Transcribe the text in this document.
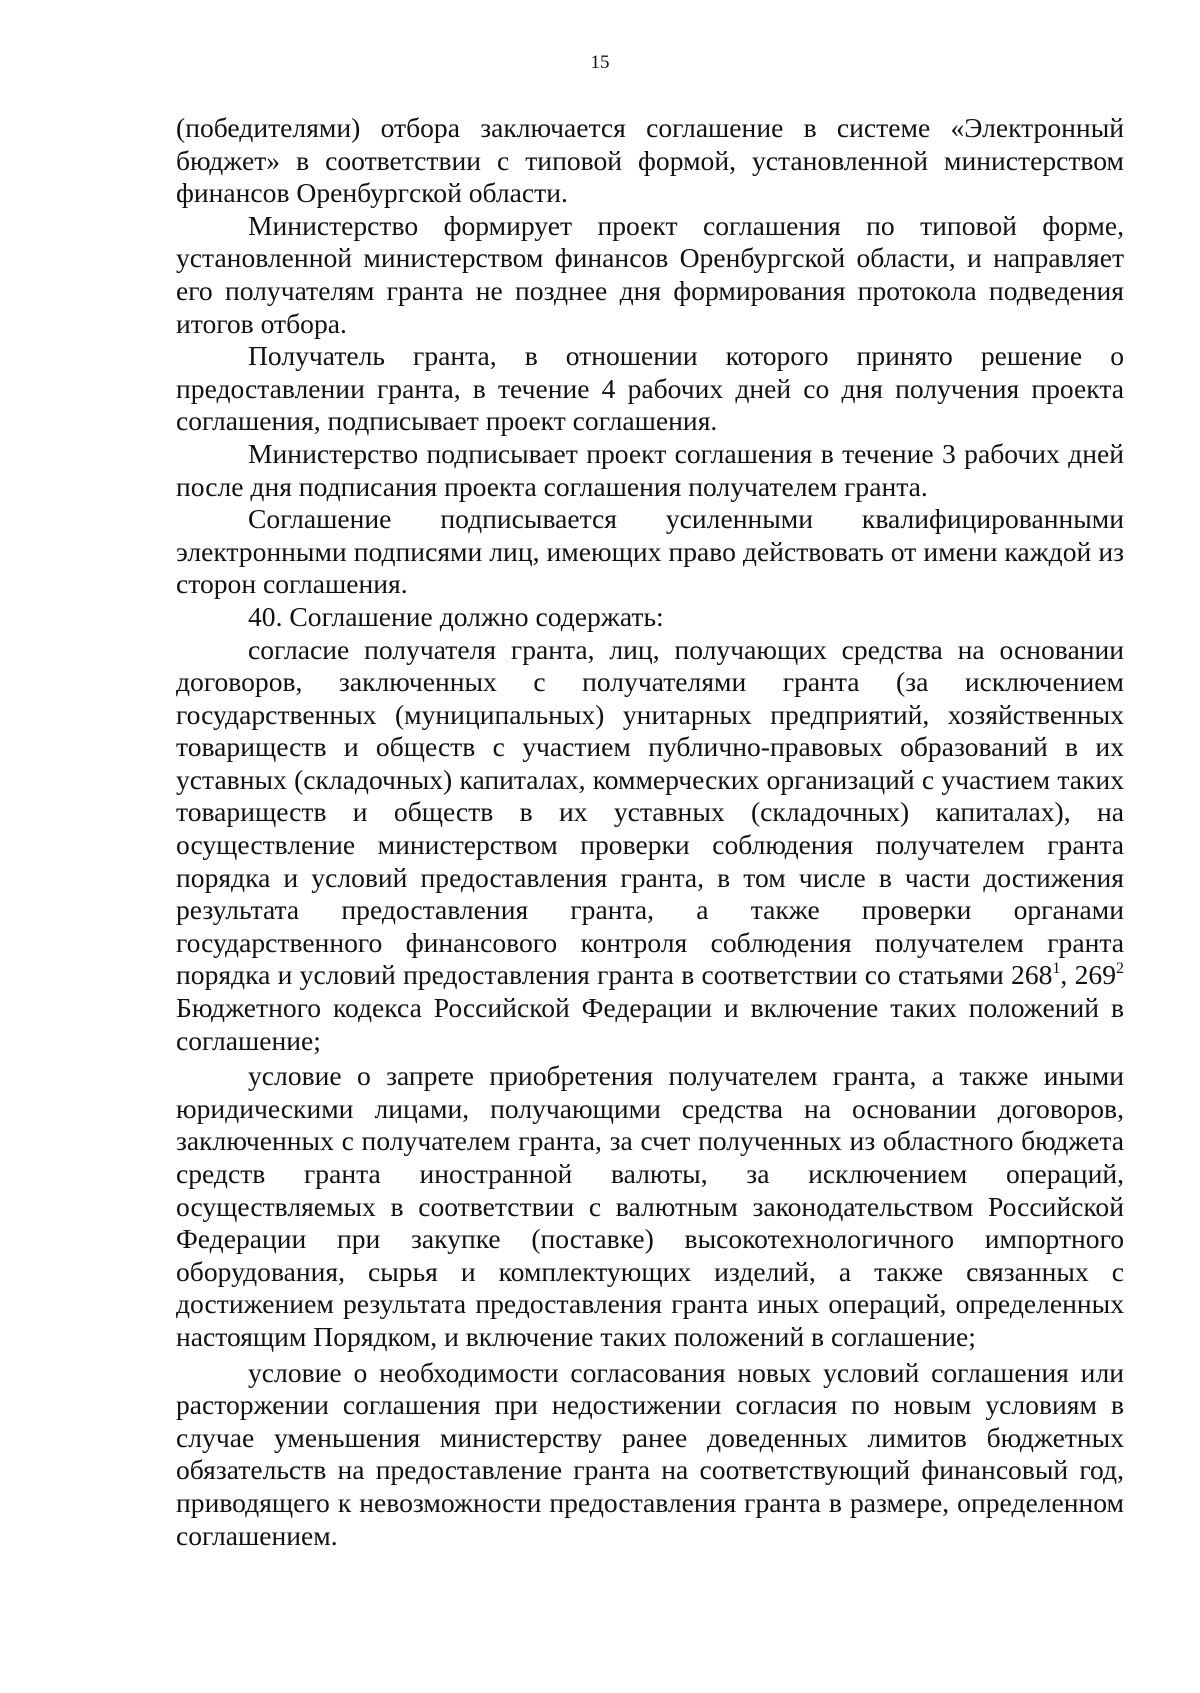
15

(победителями) отбора заключается соглашение в системе «Электронный бюджет» в соответствии с типовой формой, установленной министерством финансов Оренбургской области.

Министерство формирует проект соглашения по типовой форме, установленной министерством финансов Оренбургской области, и направляет его получателям гранта не позднее дня формирования протокола подведения итогов отбора.

Получатель гранта, в отношении которого принято решение о предоставлении гранта, в течение 4 рабочих дней со дня получения проекта соглашения, подписывает проект соглашения.

Министерство подписывает проект соглашения в течение 3 рабочих дней после дня подписания проекта соглашения получателем гранта.

Соглашение подписывается усиленными квалифицированными электронными подписями лиц, имеющих право действовать от имени каждой из сторон соглашения.

40. Соглашение должно содержать:

согласие получателя гранта, лиц, получающих средства на основании договоров, заключенных с получателями гранта (за исключением государственных (муниципальных) унитарных предприятий, хозяйственных товариществ и обществ с участием публично-правовых образований в их уставных (складочных) капиталах, коммерческих организаций с участием таких товариществ и обществ в их уставных (складочных) капиталах), на осуществление министерством проверки соблюдения получателем гранта порядка и условий предоставления гранта, в том числе в части достижения результата предоставления гранта, а также проверки органами государственного финансового контроля соблюдения получателем гранта порядка и условий предоставления гранта в соответствии со статьями $268^1$, $269^2$ Бюджетного кодекса Российской Федерации и включение таких положений в соглашение;

условие о запрете приобретения получателем гранта, а также иными юридическими лицами, получающими средства на основании договоров, заключенных с получателем гранта, за счет полученных из областного бюджета средств гранта иностранной валюты, за исключением операций, осуществляемых в соответствии с валютным законодательством Российской Федерации при закупке (поставке) высокотехнологичного импортного оборудования, сырья и комплектующих изделий, а также связанных с достижением результата предоставления гранта иных операций, определенных настоящим Порядком, и включение таких положений в соглашение;

условие о необходимости согласования новых условий соглашения или расторжении соглашения при недостижении согласия по новым условиям в случае уменьшения министерству ранее доведенных лимитов бюджетных обязательств на предоставление гранта на соответствующий финансовый год, приводящего к невозможности предоставления гранта в размере, определенном соглашением.
